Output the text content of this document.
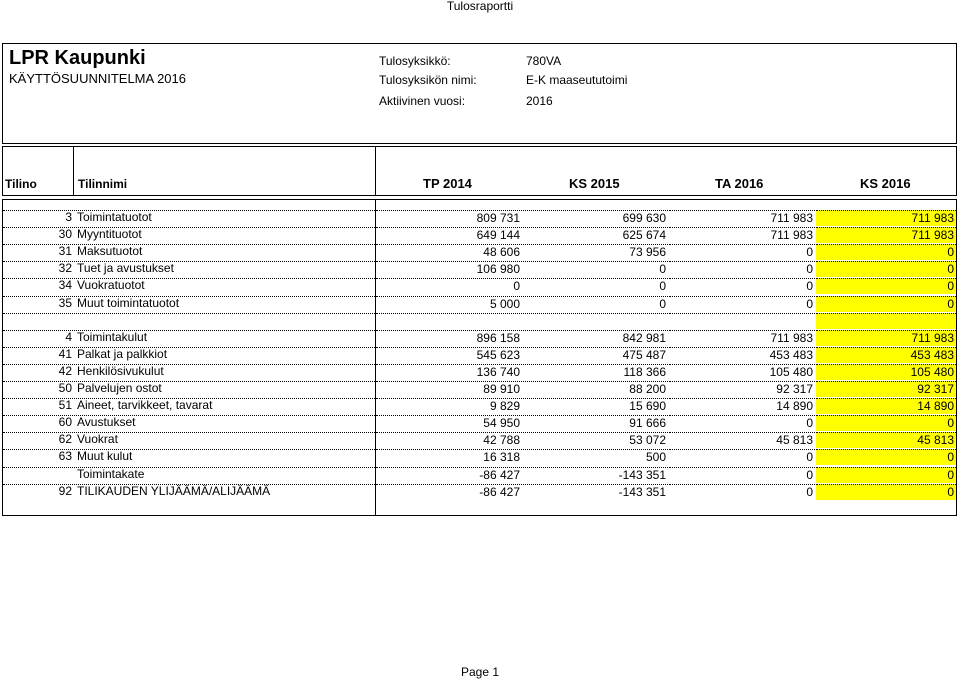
Tulosraportti
LPR Kaupunki
KÄYTTÖSUUNNITELMA 2016
Tulosyksikkö:	780VA
Tulosyksikön nimi:	E-K maaseututoimi
Aktiivinen vuosi:	2016
Tilino	Tilinnimi	TP 2014	KS 2015	TA 2016	KS 2016
3 Toimintatuotot	809 731	699 630	711 983	711 983
30 Myyntituotot	649 144	625 674	711 983	711 983
31 Maksutuotot	48 606	73 956	0	0
32 Tuet ja avustukset	106 980	0	0	0
34 Vuokratuotot	0	0	0	0
35 Muut toimintatuotot	5 000	0	0	0
4 Toimintakulut	896 158	842 981	711 983	711 983
41 Palkat ja palkkiot	545 623	475 487	453 483	453 483
42 Henkilösivukulut	136 740	118 366	105 480	105 480
50 Palvelujen ostot	89 910	88 200	92 317	92 317
51 Aineet, tarvikkeet, tavarat	9 829	15 690	14 890	14 890
60 Avustukset	54 950	91 666	0	0
62 Vuokrat	42 788	53 072	45 813	45 813
63 Muut kulut	16 318	500	0	0
Toimintakate	-86 427	-143 351	0	0
92 TILIKAUDEN YLIJÄÄMÄ/ALIJÄÄMÄ	-86 427	-143 351	0	0
Page 1
